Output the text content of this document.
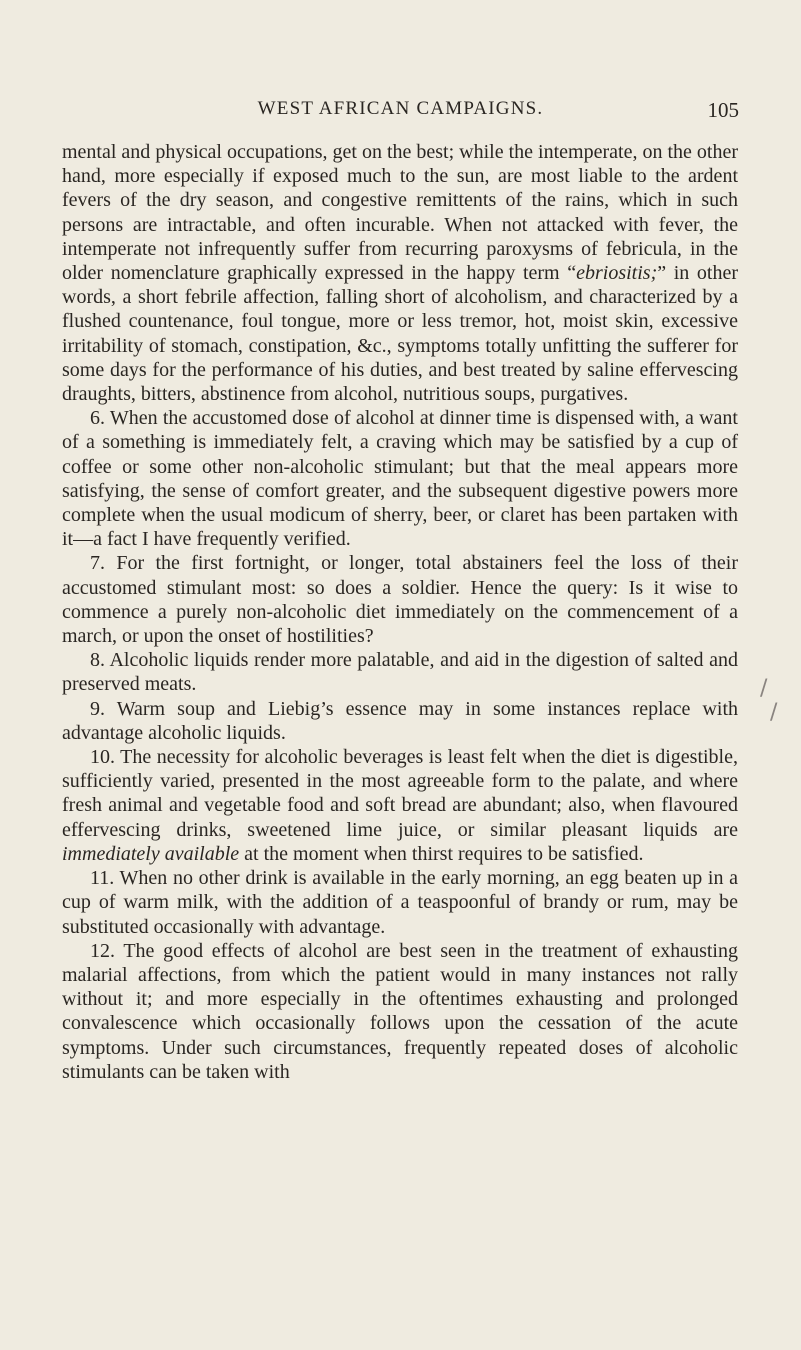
WEST AFRICAN CAMPAIGNS.	105

mental and physical occupations, get on the best; while the intemperate, on the other hand, more especially if exposed much to the sun, are most liable to the ardent fevers of the dry season, and congestive remittents of the rains, which in such persons are intractable, and often incurable. When not attacked with fever, the intemperate not infrequently suffer from recurring paroxysms of febricula, in the older nomenclature graphically expressed in the happy term “ebriositis;” in other words, a short febrile affection, falling short of alcoholism, and characterized by a flushed countenance, foul tongue, more or less tremor, hot, moist skin, excessive irritability of stomach, constipation, &c., symptoms totally unfitting the sufferer for some days for the performance of his duties, and best treated by saline effervescing draughts, bitters, abstinence from alcohol, nutritious soups, purgatives.

6. When the accustomed dose of alcohol at dinner time is dispensed with, a want of a something is immediately felt, a craving which may be satisfied by a cup of coffee or some other non-alcoholic stimulant; but that the meal appears more satisfying, the sense of comfort greater, and the subsequent digestive powers more complete when the usual modicum of sherry, beer, or claret has been partaken with it—a fact I have frequently verified.

7. For the first fortnight, or longer, total abstainers feel the loss of their accustomed stimulant most: so does a soldier. Hence the query: Is it wise to commence a purely non-alcoholic diet immediately on the commencement of a march, or upon the onset of hostilities?

8. Alcoholic liquids render more palatable, and aid in the digestion of salted and preserved meats.

9. Warm soup and Liebig’s essence may in some instances replace with advantage alcoholic liquids.

10. The necessity for alcoholic beverages is least felt when the diet is digestible, sufficiently varied, presented in the most agreeable form to the palate, and where fresh animal and vegetable food and soft bread are abundant; also, when flavoured effervescing drinks, sweetened lime juice, or similar pleasant liquids are immediately available at the moment when thirst requires to be satisfied.

11. When no other drink is available in the early morning, an egg beaten up in a cup of warm milk, with the addition of a teaspoonful of brandy or rum, may be substituted occasionally with advantage.

12. The good effects of alcohol are best seen in the treatment of exhausting malarial affections, from which the patient would in many instances not rally without it; and more especially in the oftentimes exhausting and prolonged convalescence which occasionally follows upon the cessation of the acute symptoms. Under such circumstances, frequently repeated doses of alcoholic stimulants can be taken with

/
/
